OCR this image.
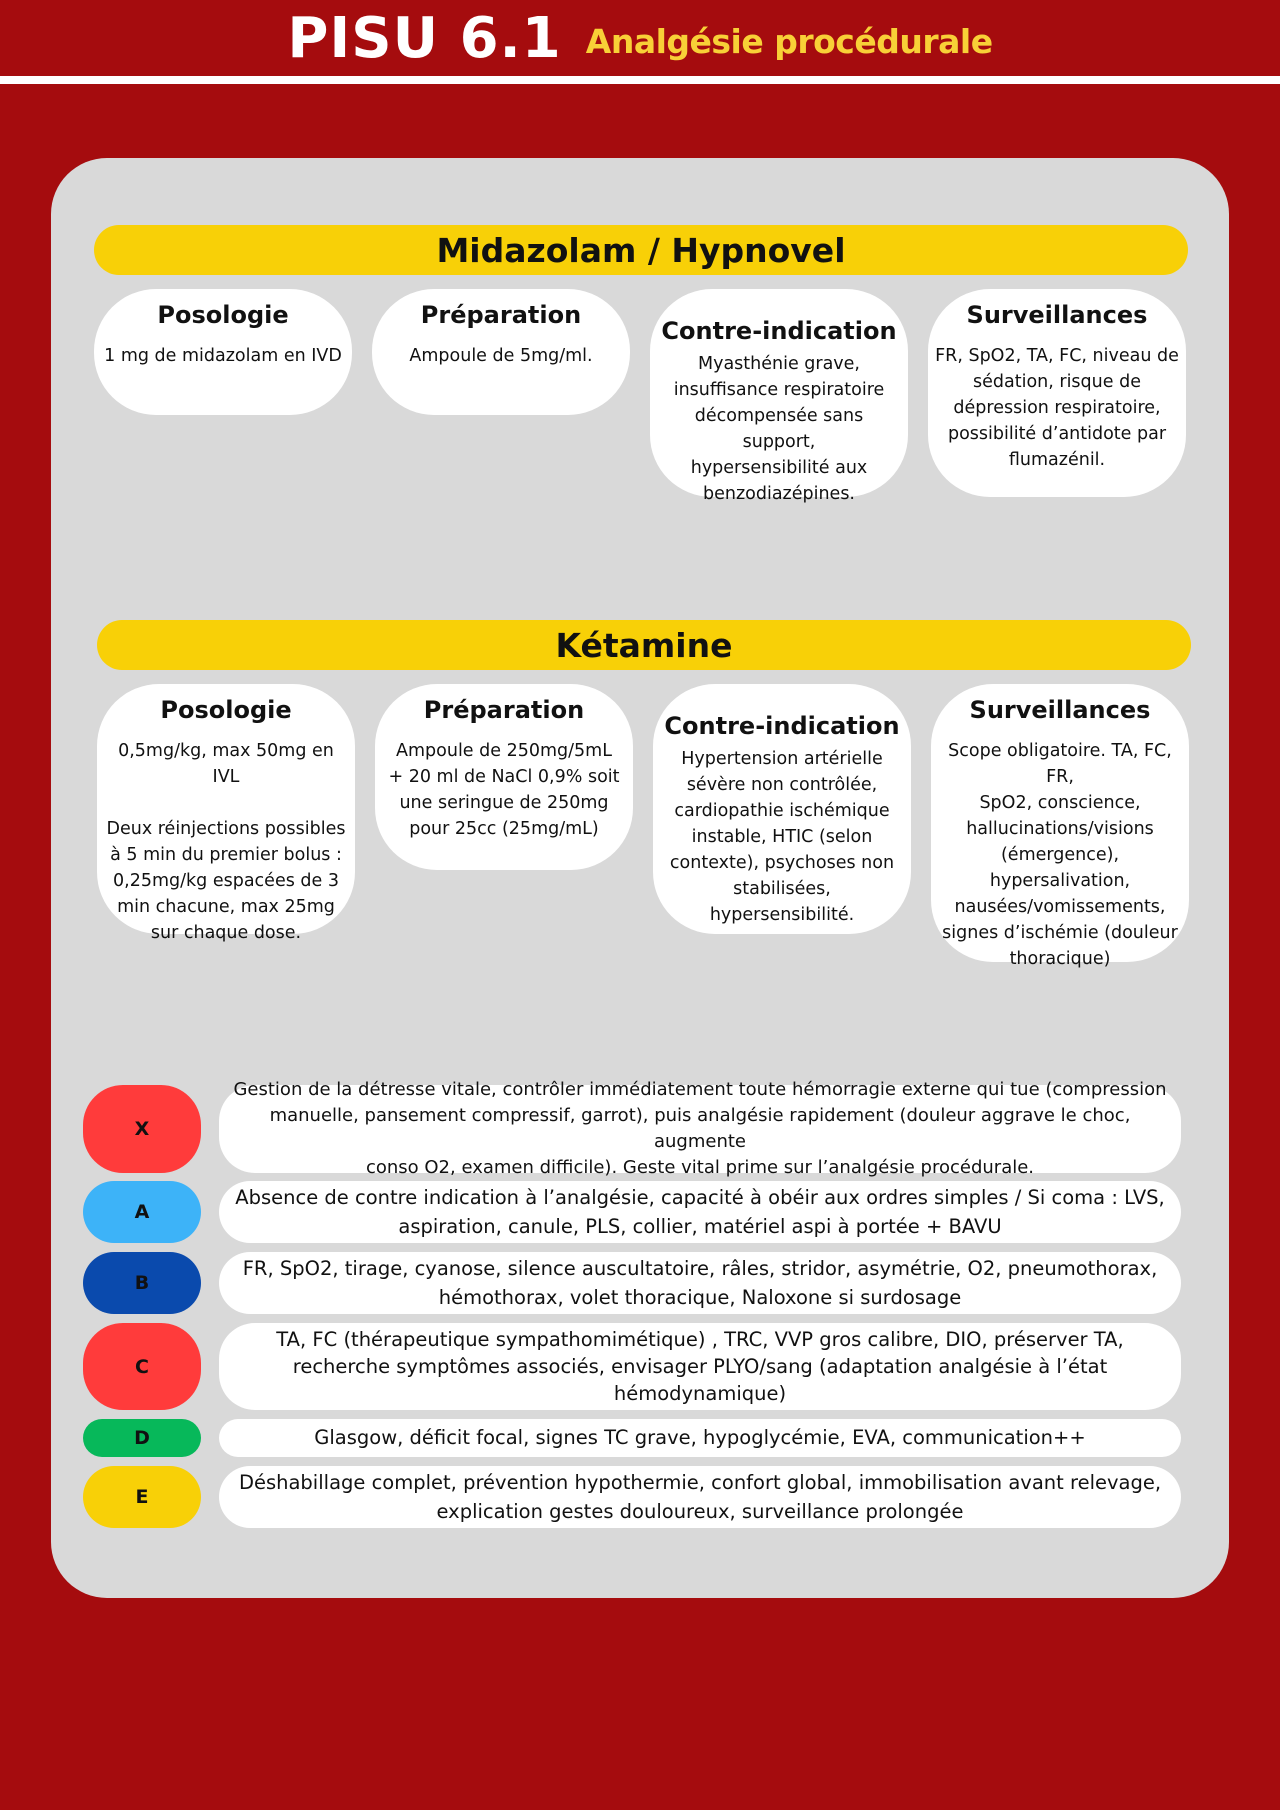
PISU 6.1 Analgésie procédurale
Midazolam / Hypnovel
Posologie
1 mg de midazolam en IVD
Préparation
Ampoule de 5mg/ml.
Contre-indication
Myasthénie grave,
insuffisance respiratoire
décompensée sans support,
hypersensibilité aux
benzodiazépines.
Surveillances
FR, SpO2, TA, FC, niveau de
sédation, risque de
dépression respiratoire,
possibilité d’antidote par
flumazénil.
Kétamine
Posologie
0,5mg/kg, max 50mg en IVL

Deux réinjections possibles
à 5 min du premier bolus :
0,25mg/kg espacées de 3
min chacune, max 25mg
sur chaque dose.
Préparation
Ampoule de 250mg/5mL
+ 20 ml de NaCl 0,9% soit
une seringue de 250mg
pour 25cc (25mg/mL)
Contre-indication
Hypertension artérielle
sévère non contrôlée,
cardiopathie ischémique
instable, HTIC (selon
contexte), psychoses non
stabilisées,
hypersensibilité.
Surveillances
Scope obligatoire. TA, FC, FR,
SpO2, conscience,
hallucinations/visions
(émergence),
hypersalivation,
nausées/vomissements,
signes d’ischémie (douleur
thoracique)
X
Gestion de la détresse vitale, contrôler immédiatement toute hémorragie externe qui tue (compression
manuelle, pansement compressif, garrot), puis analgésie rapidement (douleur aggrave le choc, augmente
conso O2, examen difficile). Geste vital prime sur l’analgésie procédurale.
A
Absence de contre indication à l’analgésie, capacité à obéir aux ordres simples / Si coma : LVS,
aspiration, canule, PLS, collier, matériel aspi à portée + BAVU
B
FR, SpO2, tirage, cyanose, silence auscultatoire, râles, stridor, asymétrie, O2, pneumothorax,
hémothorax, volet thoracique, Naloxone si surdosage
C
TA, FC (thérapeutique sympathomimétique) , TRC, VVP gros calibre, DIO, préserver TA,
recherche symptômes associés, envisager PLYO/sang (adaptation analgésie à l’état
hémodynamique)
D	Glasgow, déficit focal, signes TC grave, hypoglycémie, EVA, communication++
E
Déshabillage complet, prévention hypothermie, confort global, immobilisation avant relevage,
explication gestes douloureux, surveillance prolongée
